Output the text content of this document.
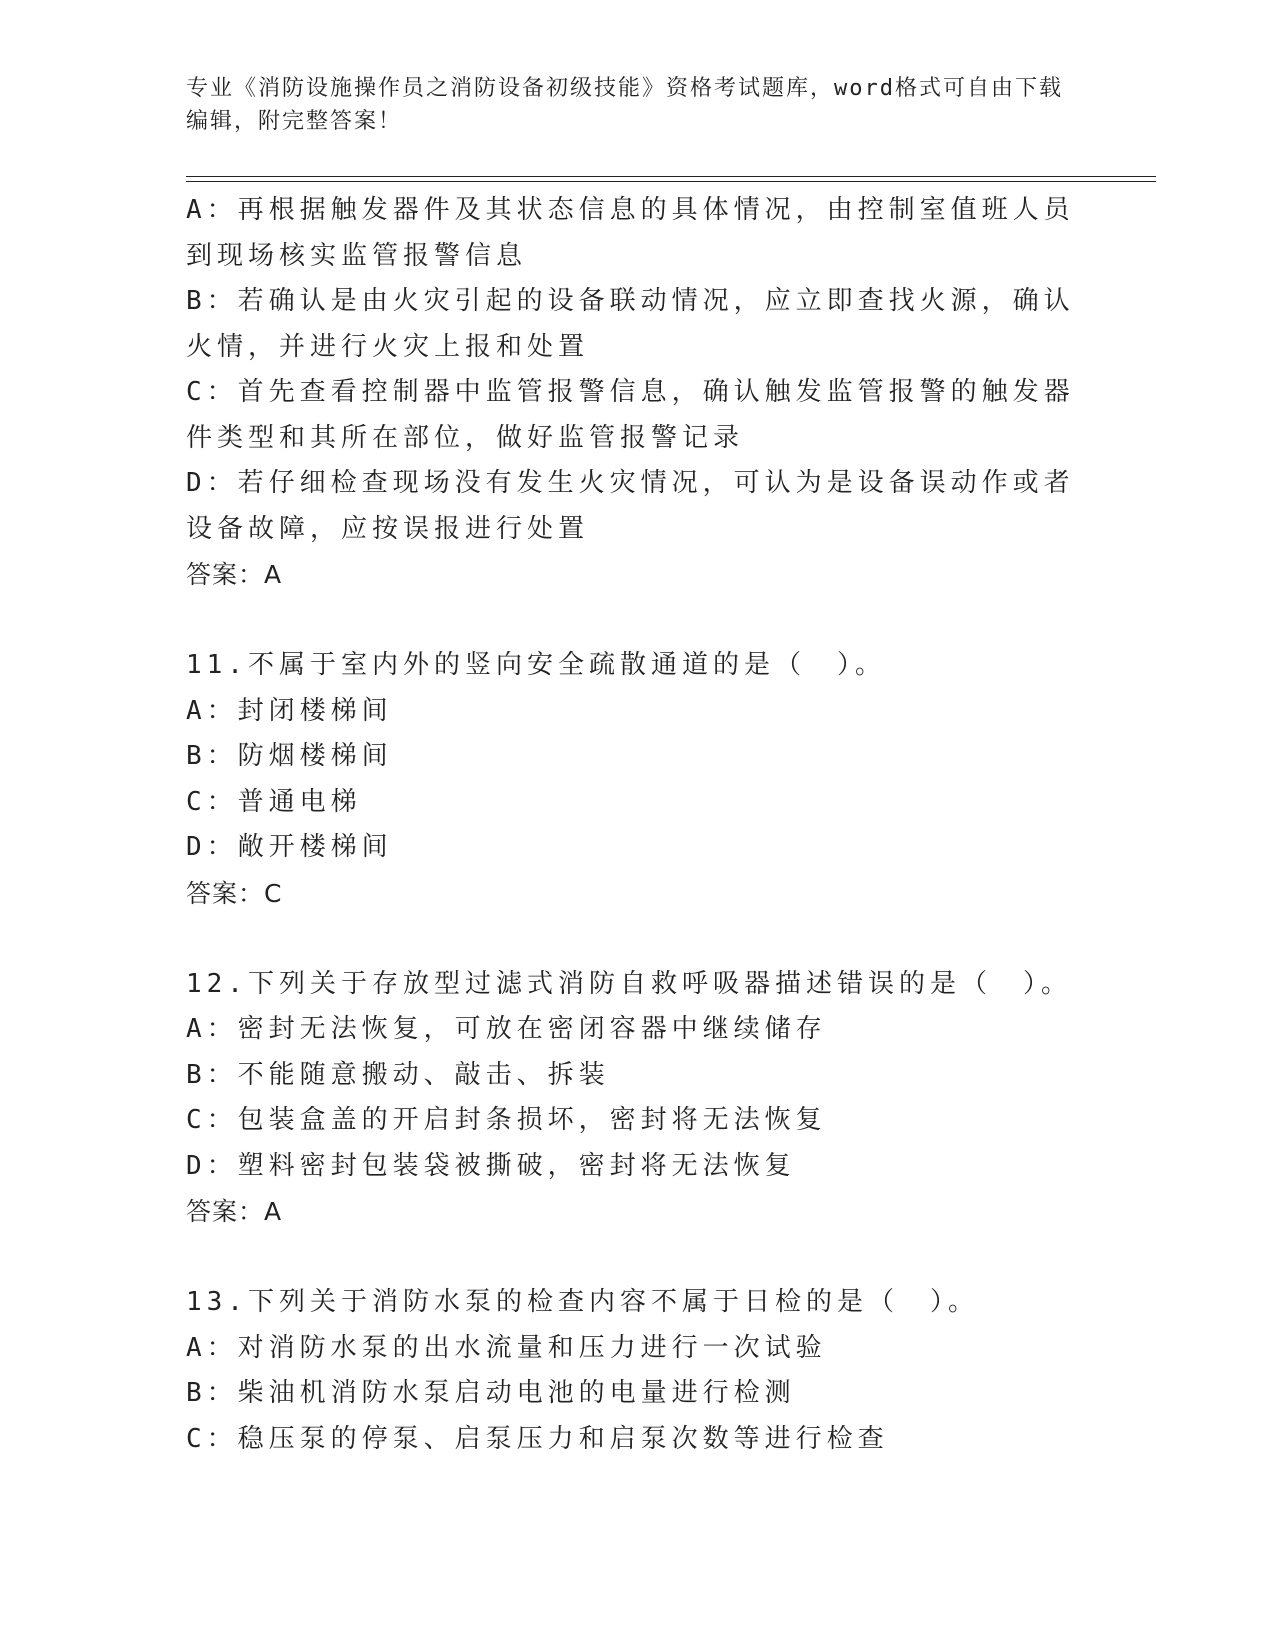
专业《消防设施操作员之消防设备初级技能》资格考试题库，word格式可自由下载编辑，附完整答案！

A：再根据触发器件及其状态信息的具体情况，由控制室值班人员到现场核实监管报警信息

B：若确认是由火灾引起的设备联动情况，应立即查找火源，确认火情，并进行火灾上报和处置

C：首先查看控制器中监管报警信息，确认触发监管报警的触发器件类型和其所在部位，做好监管报警记录

D：若仔细检查现场没有发生火灾情况，可认为是设备误动作或者设备故障，应按误报进行处置

答案：A

11.不属于室内外的竖向安全疏散通道的是（　）。

A：封闭楼梯间

B：防烟楼梯间

C：普通电梯

D：敞开楼梯间

答案：C

12.下列关于存放型过滤式消防自救呼吸器描述错误的是（　）。

A：密封无法恢复，可放在密闭容器中继续储存

B：不能随意搬动、敲击、拆装

C：包装盒盖的开启封条损坏，密封将无法恢复

D：塑料密封包装袋被撕破，密封将无法恢复

答案：A

13.下列关于消防水泵的检查内容不属于日检的是（　）。

A：对消防水泵的出水流量和压力进行一次试验

B：柴油机消防水泵启动电池的电量进行检测

C：稳压泵的停泵、启泵压力和启泵次数等进行检查
